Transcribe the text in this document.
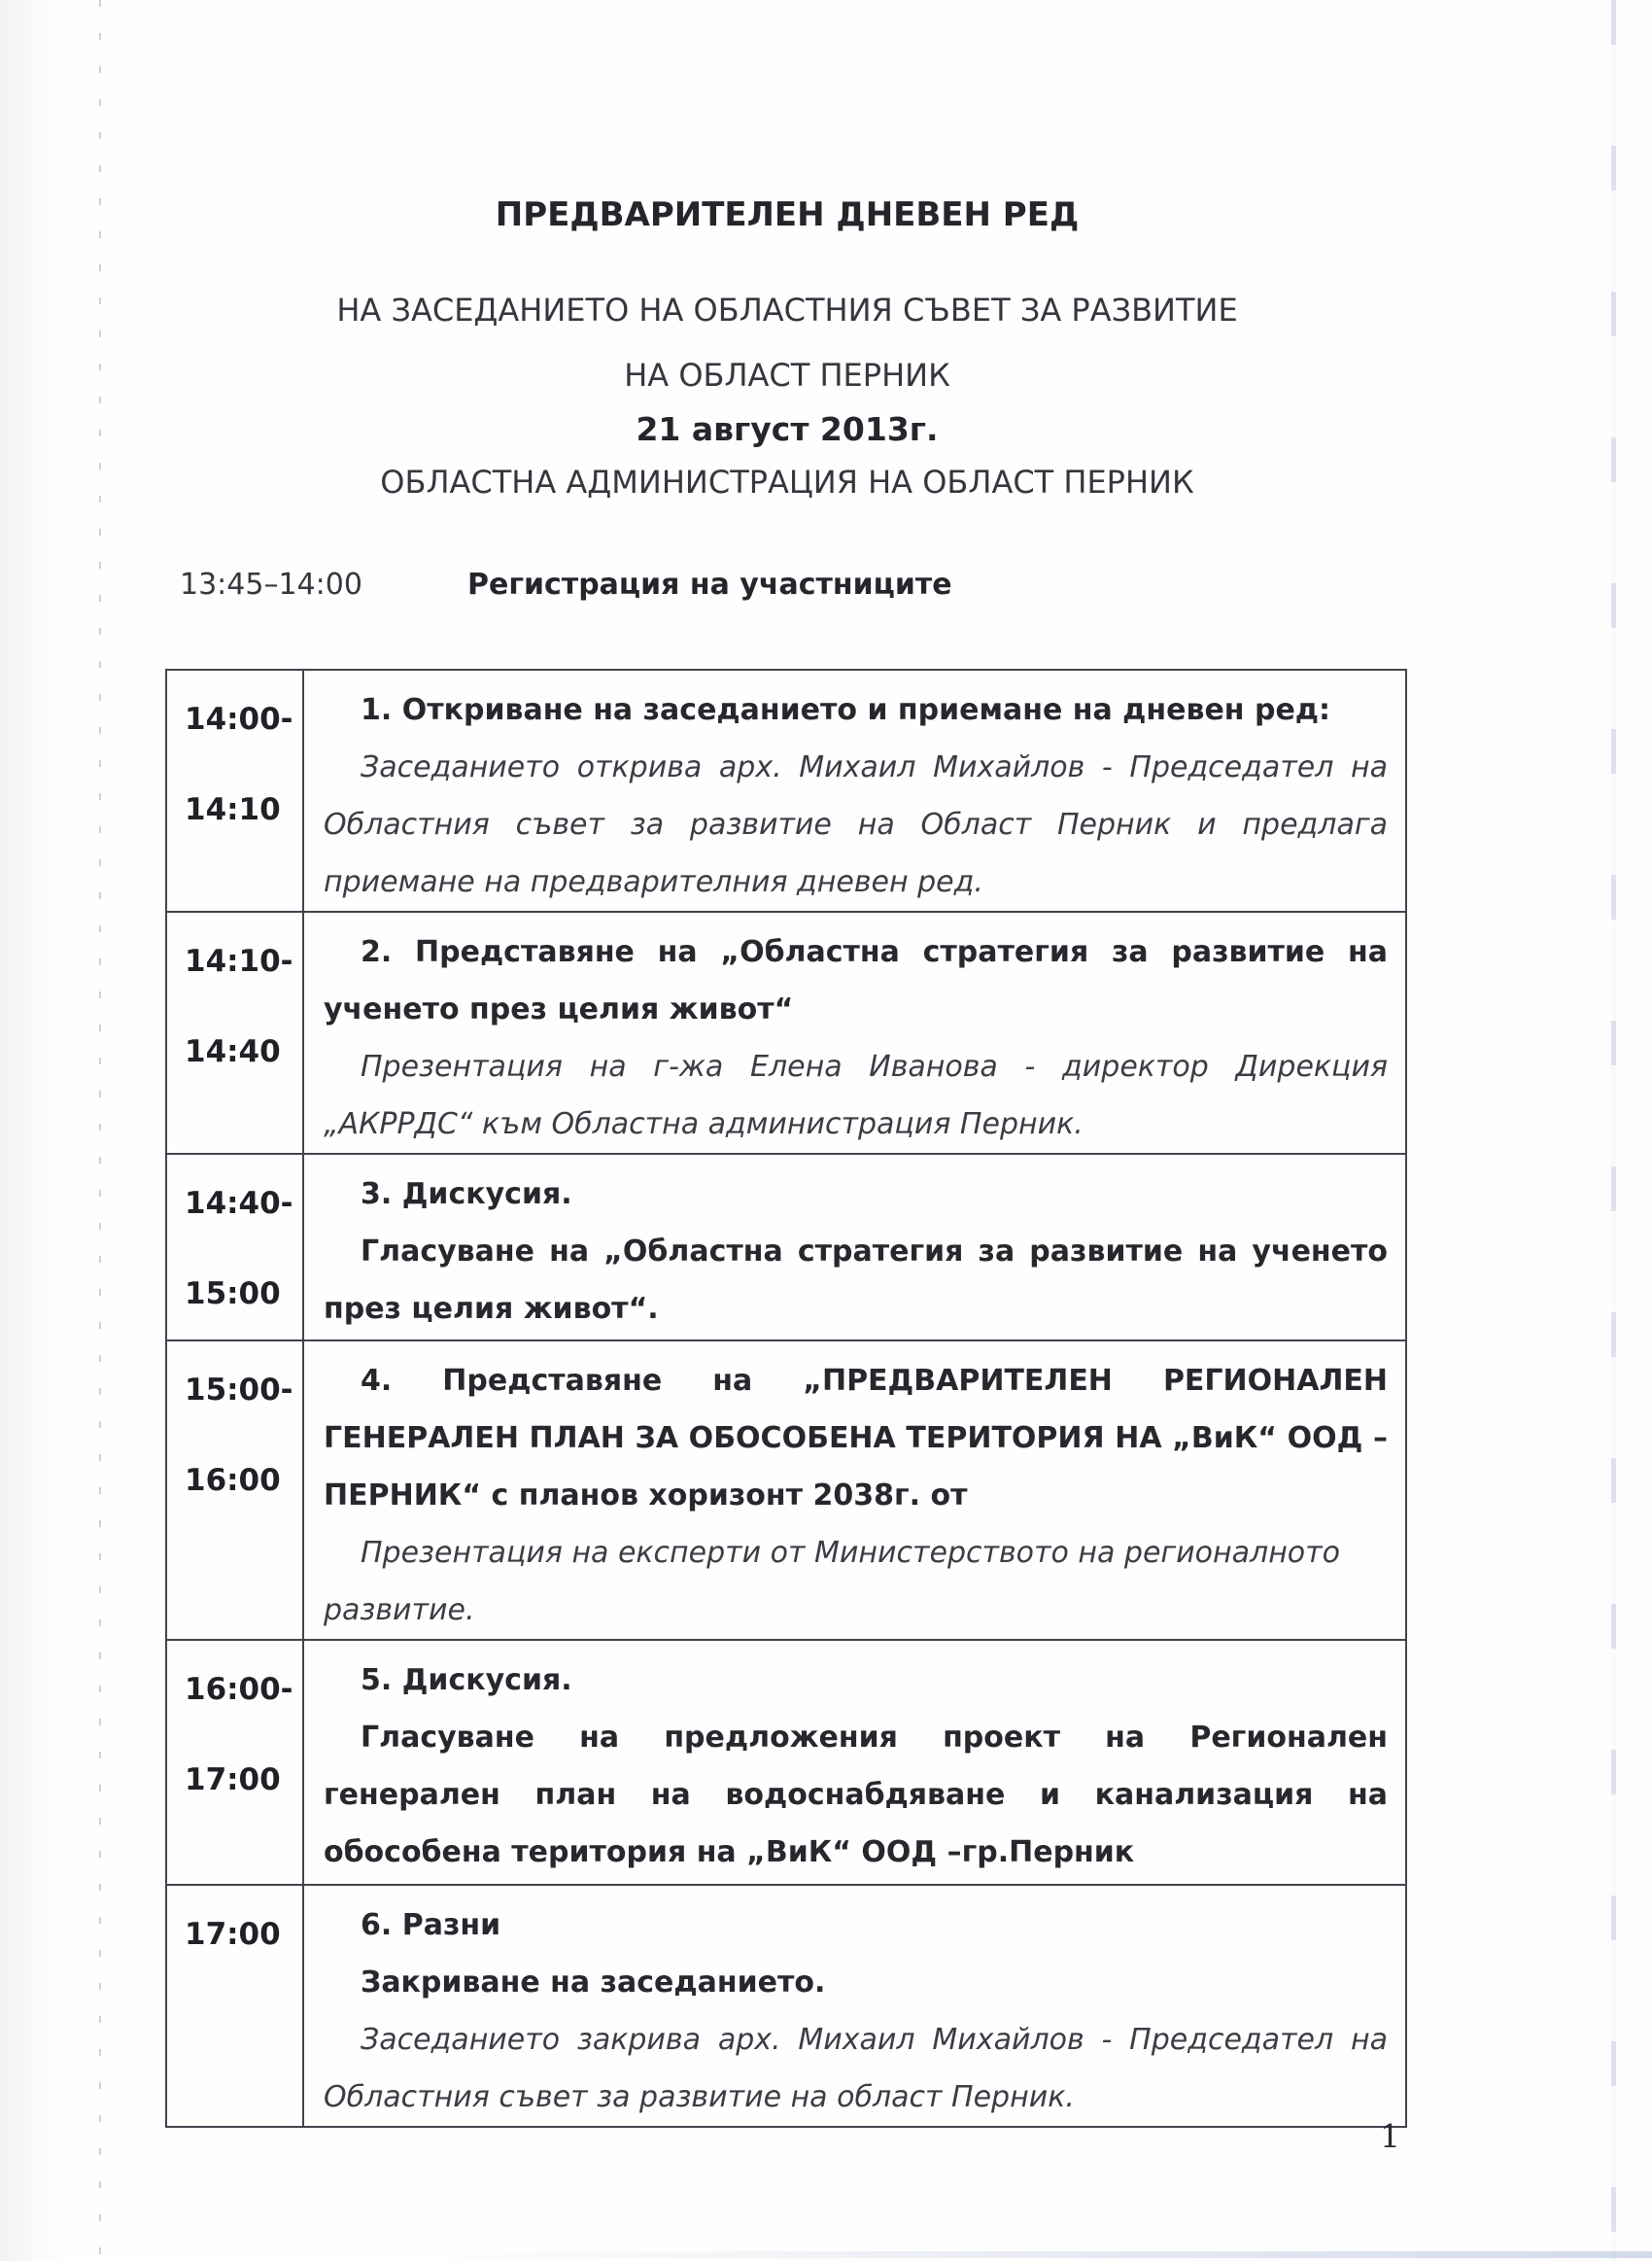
ПРЕДВАРИТЕЛЕН ДНЕВЕН РЕД
НА ЗАСЕДАНИЕТО НА ОБЛАСТНИЯ СЪВЕТ ЗА РАЗВИТИЕ
НА ОБЛАСТ ПЕРНИК
21 август 2013г.
ОБЛАСТНА АДМИНИСТРАЦИЯ НА ОБЛАСТ ПЕРНИК
13:45–14:00	Регистрация на участниците
14:00-
14:10

1. Откриване на заседанието и приемане на дневен ред:

Заседанието открива арх. Михаил Михайлов - Председател на Областния съвет за развитие на Област Перник и предлага приемане на предварителния дневен ред.

14:10-
14:40

2. Представяне на „Областна стратегия за развитие на ученето през целия живот“

Презентация на г-жа Елена Иванова - директор Дирекция „АКРРДС“ към Областна администрация Перник.

14:40-
15:00

3. Дискусия.

Гласуване на „Областна стратегия за развитие на ученето през целия живот“.

15:00-
16:00

4. Представяне на „ПРЕДВАРИТЕЛЕН РЕГИОНАЛЕН ГЕНЕРАЛЕН ПЛАН ЗА ОБОСОБЕНА ТЕРИТОРИЯ НА „ВиК“ ООД – ПЕРНИК“ с планов хоризонт 2038г. от

Презентация на експерти от Министерството на регионалното развитие.

16:00-
17:00

5. Дискусия.

Гласуване на предложения проект на Регионален генерален план на водоснабдяване и канализация на обособена територия на „ВиК“ ООД –гр.Перник

17:00	6. Разни

Закриване на заседанието.

Заседанието закрива арх. Михаил Михайлов - Председател на Областния съвет за развитие на област Перник.

1
